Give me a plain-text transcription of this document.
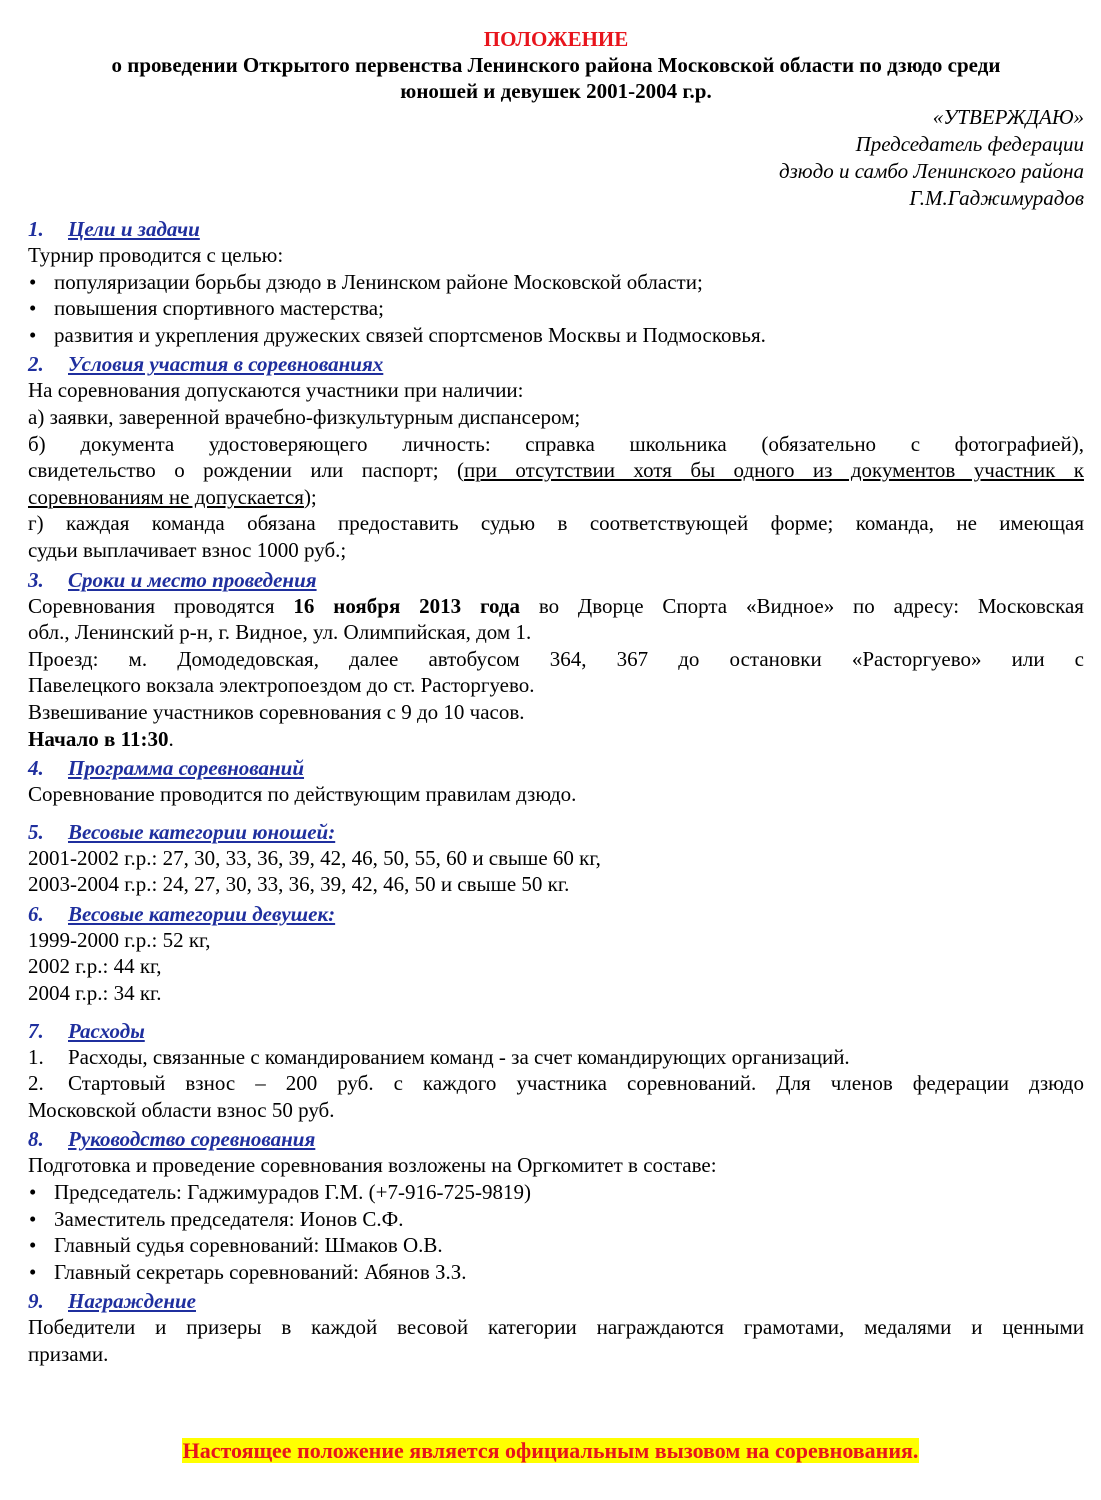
ПОЛОЖЕНИЕ
о проведении Открытого первенства Ленинского района Московской области по дзюдо среди
юношей и девушек 2001-2004 г.р.
«УТВЕРЖДАЮ»
Председатель федерации
дзюдо и самбо Ленинского района
Г.М.Гаджимурадов
1. Цели и задачи
Турнир проводится с целью:
• популяризации борьбы дзюдо в Ленинском районе Московской области;
• повышения спортивного мастерства;
• развития и укрепления дружеских связей спортсменов Москвы и Подмосковья.
2. Условия участия в соревнованиях
На соревнования допускаются участники при наличии:
а) заявки, заверенной врачебно-физкультурным диспансером;
б) документа удостоверяющего личность: справка школьника (обязательно с фотографией),
свидетельство о рождении или паспорт; (при отсутствии хотя бы одного из документов участник к
соревнованиям не допускается);
г) каждая команда обязана предоставить судью в соответствующей форме; команда, не имеющая
судьи выплачивает взнос 1000 руб.;
3. Сроки и место проведения
Соревнования проводятся 16 ноября 2013 года во Дворце Спорта «Видное» по адресу: Московская
обл., Ленинский р-н, г. Видное, ул. Олимпийская, дом 1.
Проезд: м. Домодедовская, далее автобусом 364, 367 до остановки «Расторгуево» или с
Павелецкого вокзала электропоездом до ст. Расторгуево.
Взвешивание участников соревнования с 9 до 10 часов.
Начало в 11:30.
4. Программа соревнований
Соревнование проводится по действующим правилам дзюдо.
5. Весовые категории юношей:
2001-2002 г.р.: 27, 30, 33, 36, 39, 42, 46, 50, 55, 60 и свыше 60 кг,
2003-2004 г.р.: 24, 27, 30, 33, 36, 39, 42, 46, 50 и свыше 50 кг.
6. Весовые категории девушек:
1999-2000 г.р.: 52 кг,
2002 г.р.: 44 кг,
2004 г.р.: 34 кг.
7. Расходы
1. Расходы, связанные с командированием команд - за счет командирующих организаций.
2. Стартовый взнос – 200 руб. с каждого участника соревнований. Для членов федерации дзюдо
Московской области взнос 50 руб.
8. Руководство соревнования
Подготовка и проведение соревнования возложены на Оргкомитет в составе:
• Председатель: Гаджимурадов Г.М. (+7-916-725-9819)
• Заместитель председателя: Ионов С.Ф.
• Главный судья соревнований: Шмаков О.В.
• Главный секретарь соревнований: Абянов З.З.
9. Награждение
Победители и призеры в каждой весовой категории награждаются грамотами, медалями и ценными
призами.
Настоящее положение является официальным вызовом на соревнования.
